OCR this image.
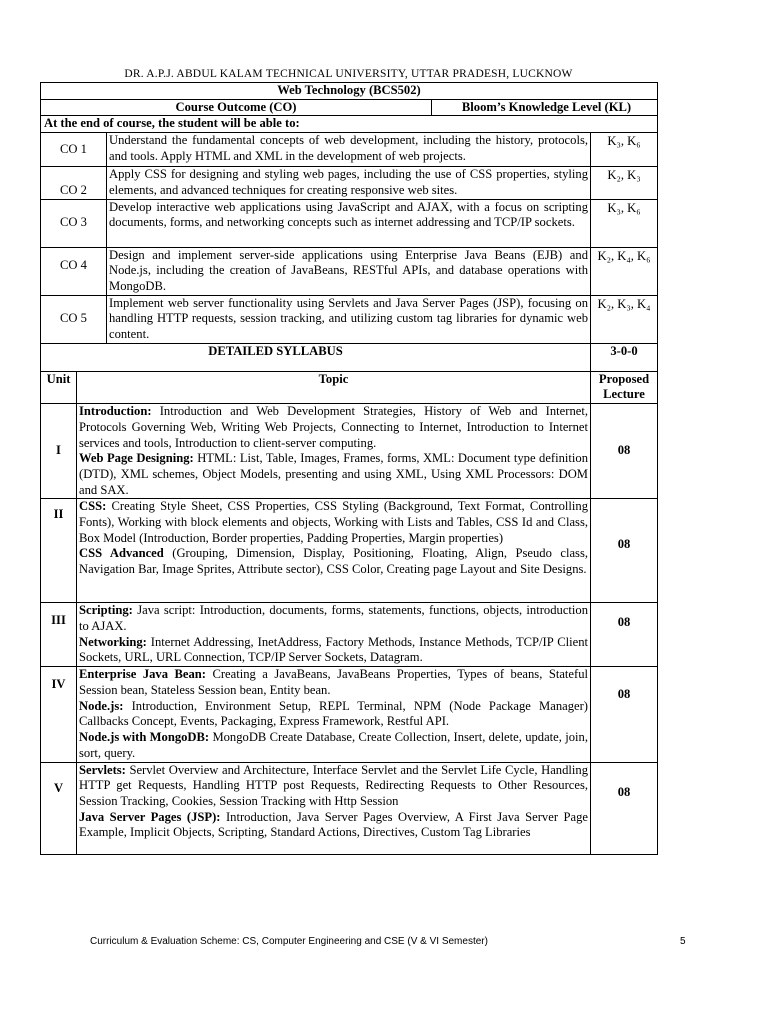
DR. A.P.J. ABDUL KALAM TECHNICAL UNIVERSITY, UTTAR PRADESH, LUCKNOW
Web Technology (BCS502)			

Course Outcome (CO) Bloom’s Knowledge Level (KL)			

At the end of course, the student will be able to:			
CO 1		Understand the fundamental concepts of web development, including the history, protocols, and tools. Apply HTML and XML in the development of web projects.	K₃, K₆
CO 2		Apply CSS for designing and styling web pages, including the use of CSS properties, styling elements, and advanced techniques for creating responsive web sites.	K₂, K₃
CO 3		Develop interactive web applications using JavaScript and AJAX, with a focus on scripting documents, forms, and networking concepts such as internet addressing and TCP/IP sockets.	K₃, K₆
CO 4		Design and implement server-side applications using Enterprise Java Beans (EJB) and Node.js, including the creation of JavaBeans, RESTful APIs, and database operations with MongoDB.	K₂, K₄, K₆
CO 5		Implement web server functionality using Servlets and Java Server Pages (JSP), focusing on handling HTTP requests, session tracking, and utilizing custom tag libraries for dynamic web content.	K₂, K₃, K₄
DETAILED SYLLABUS			3-0-0
Unit	Topic		Proposed Lecture
I	Introduction: Introduction and Web Development Strategies, History of Web and Internet, Protocols Governing Web, Writing Web Projects, Connecting to Internet, Introduction to Internet services and tools, Introduction to client-server computing.

Web Page Designing: HTML: List, Table, Images, Frames, forms, XML: Document type definition (DTD), XML schemes, Object Models, presenting and using XML, Using XML Processors: DOM and SAX.		08
II	CSS: Creating Style Sheet, CSS Properties, CSS Styling (Background, Text Format, Controlling Fonts), Working with block elements and objects, Working with Lists and Tables, CSS Id and Class, Box Model (Introduction, Border properties, Padding Properties, Margin properties)

CSS Advanced (Grouping, Dimension, Display, Positioning, Floating, Align, Pseudo class, Navigation Bar, Image Sprites, Attribute sector), CSS Color, Creating page Layout and Site Designs.		08
III	Scripting: Java script: Introduction, documents, forms, statements, functions, objects, introduction to AJAX.

Networking: Internet Addressing, InetAddress, Factory Methods, Instance Methods, TCP/IP Client Sockets, URL, URL Connection, TCP/IP Server Sockets, Datagram.		08
IV	Enterprise Java Bean: Creating a JavaBeans, JavaBeans Properties, Types of beans, Stateful Session bean, Stateless Session bean, Entity bean.

Node.js: Introduction, Environment Setup, REPL Terminal, NPM (Node Package Manager) Callbacks Concept, Events, Packaging, Express Framework, Restful API.

Node.js with MongoDB: MongoDB Create Database, Create Collection, Insert, delete, update, join, sort, query.		08
V	Servlets: Servlet Overview and Architecture, Interface Servlet and the Servlet Life Cycle, Handling HTTP get Requests, Handling HTTP post Requests, Redirecting Requests to Other Resources, Session Tracking, Cookies, Session Tracking with Http Session

Java Server Pages (JSP): Introduction, Java Server Pages Overview, A First Java Server Page Example, Implicit Objects, Scripting, Standard Actions, Directives, Custom Tag Libraries		08
Curriculum & Evaluation Scheme: CS, Computer Engineering and CSE (V & VI Semester)	5
